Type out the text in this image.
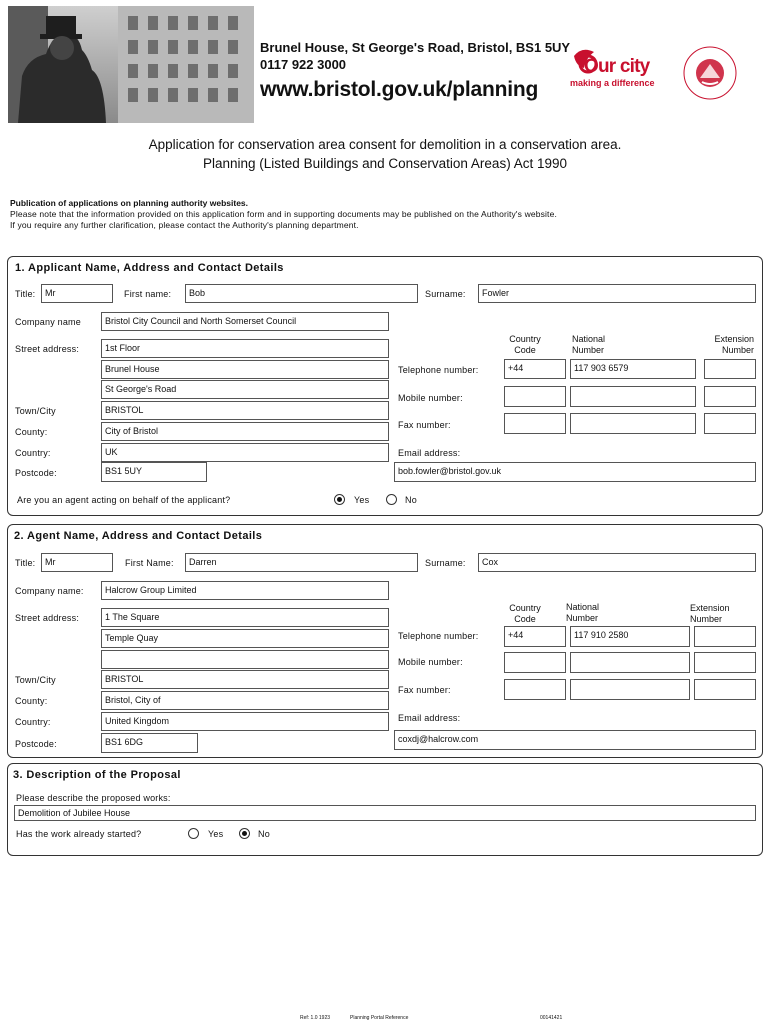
Brunel House, St George's Road, Bristol, BS1 5UY
0117 922 3000
www.bristol.gov.uk/planning
Our city
making a difference
Application for conservation area consent for demolition in a conservation area.
Planning (Listed Buildings and Conservation Areas) Act 1990
Publication of applications on planning authority websites.
Please note that the information provided on this application form and in supporting documents may be published on the Authority's website.
If you require any further clarification, please contact the Authority's planning department.
1. Applicant Name, Address and Contact Details
Title:	Mr	First name:	Bob	Surname:	Fowler
Company name	Bristol City Council and North Somerset Council
Street address:	1st Floor
Brunel House
St George's Road
Town/City	BRISTOL
County:	City of Bristol
Country:	UK
Postcode:	BS1 5UY
Country Code
National Number
Extension Number
Telephone number:	+44	117 903 6579
Mobile number:
Fax number:
Email address:
bob.fowler@bristol.gov.uk
Are you an agent acting on behalf of the applicant?	Yes	No
2. Agent Name, Address and Contact Details
Title:	Mr	First Name:	Darren	Surname:	Cox
Company name:	Halcrow Group Limited
Street address:	1 The Square
Temple Quay
Town/City	BRISTOL
County:	Bristol, City of
Country:	United Kingdom
Postcode:	BS1 6DG
Country Code
National Number
Extension Number
Telephone number:	+44	117 910 2580
Mobile number:
Fax number:
Email address:
coxdj@halcrow.com
3. Description of the Proposal
Please describe the proposed works:
Demolition of Jubilee House
Has the work already started?	Yes	No
Ref: 1.0 1923	Planning Portal Reference	00141421
